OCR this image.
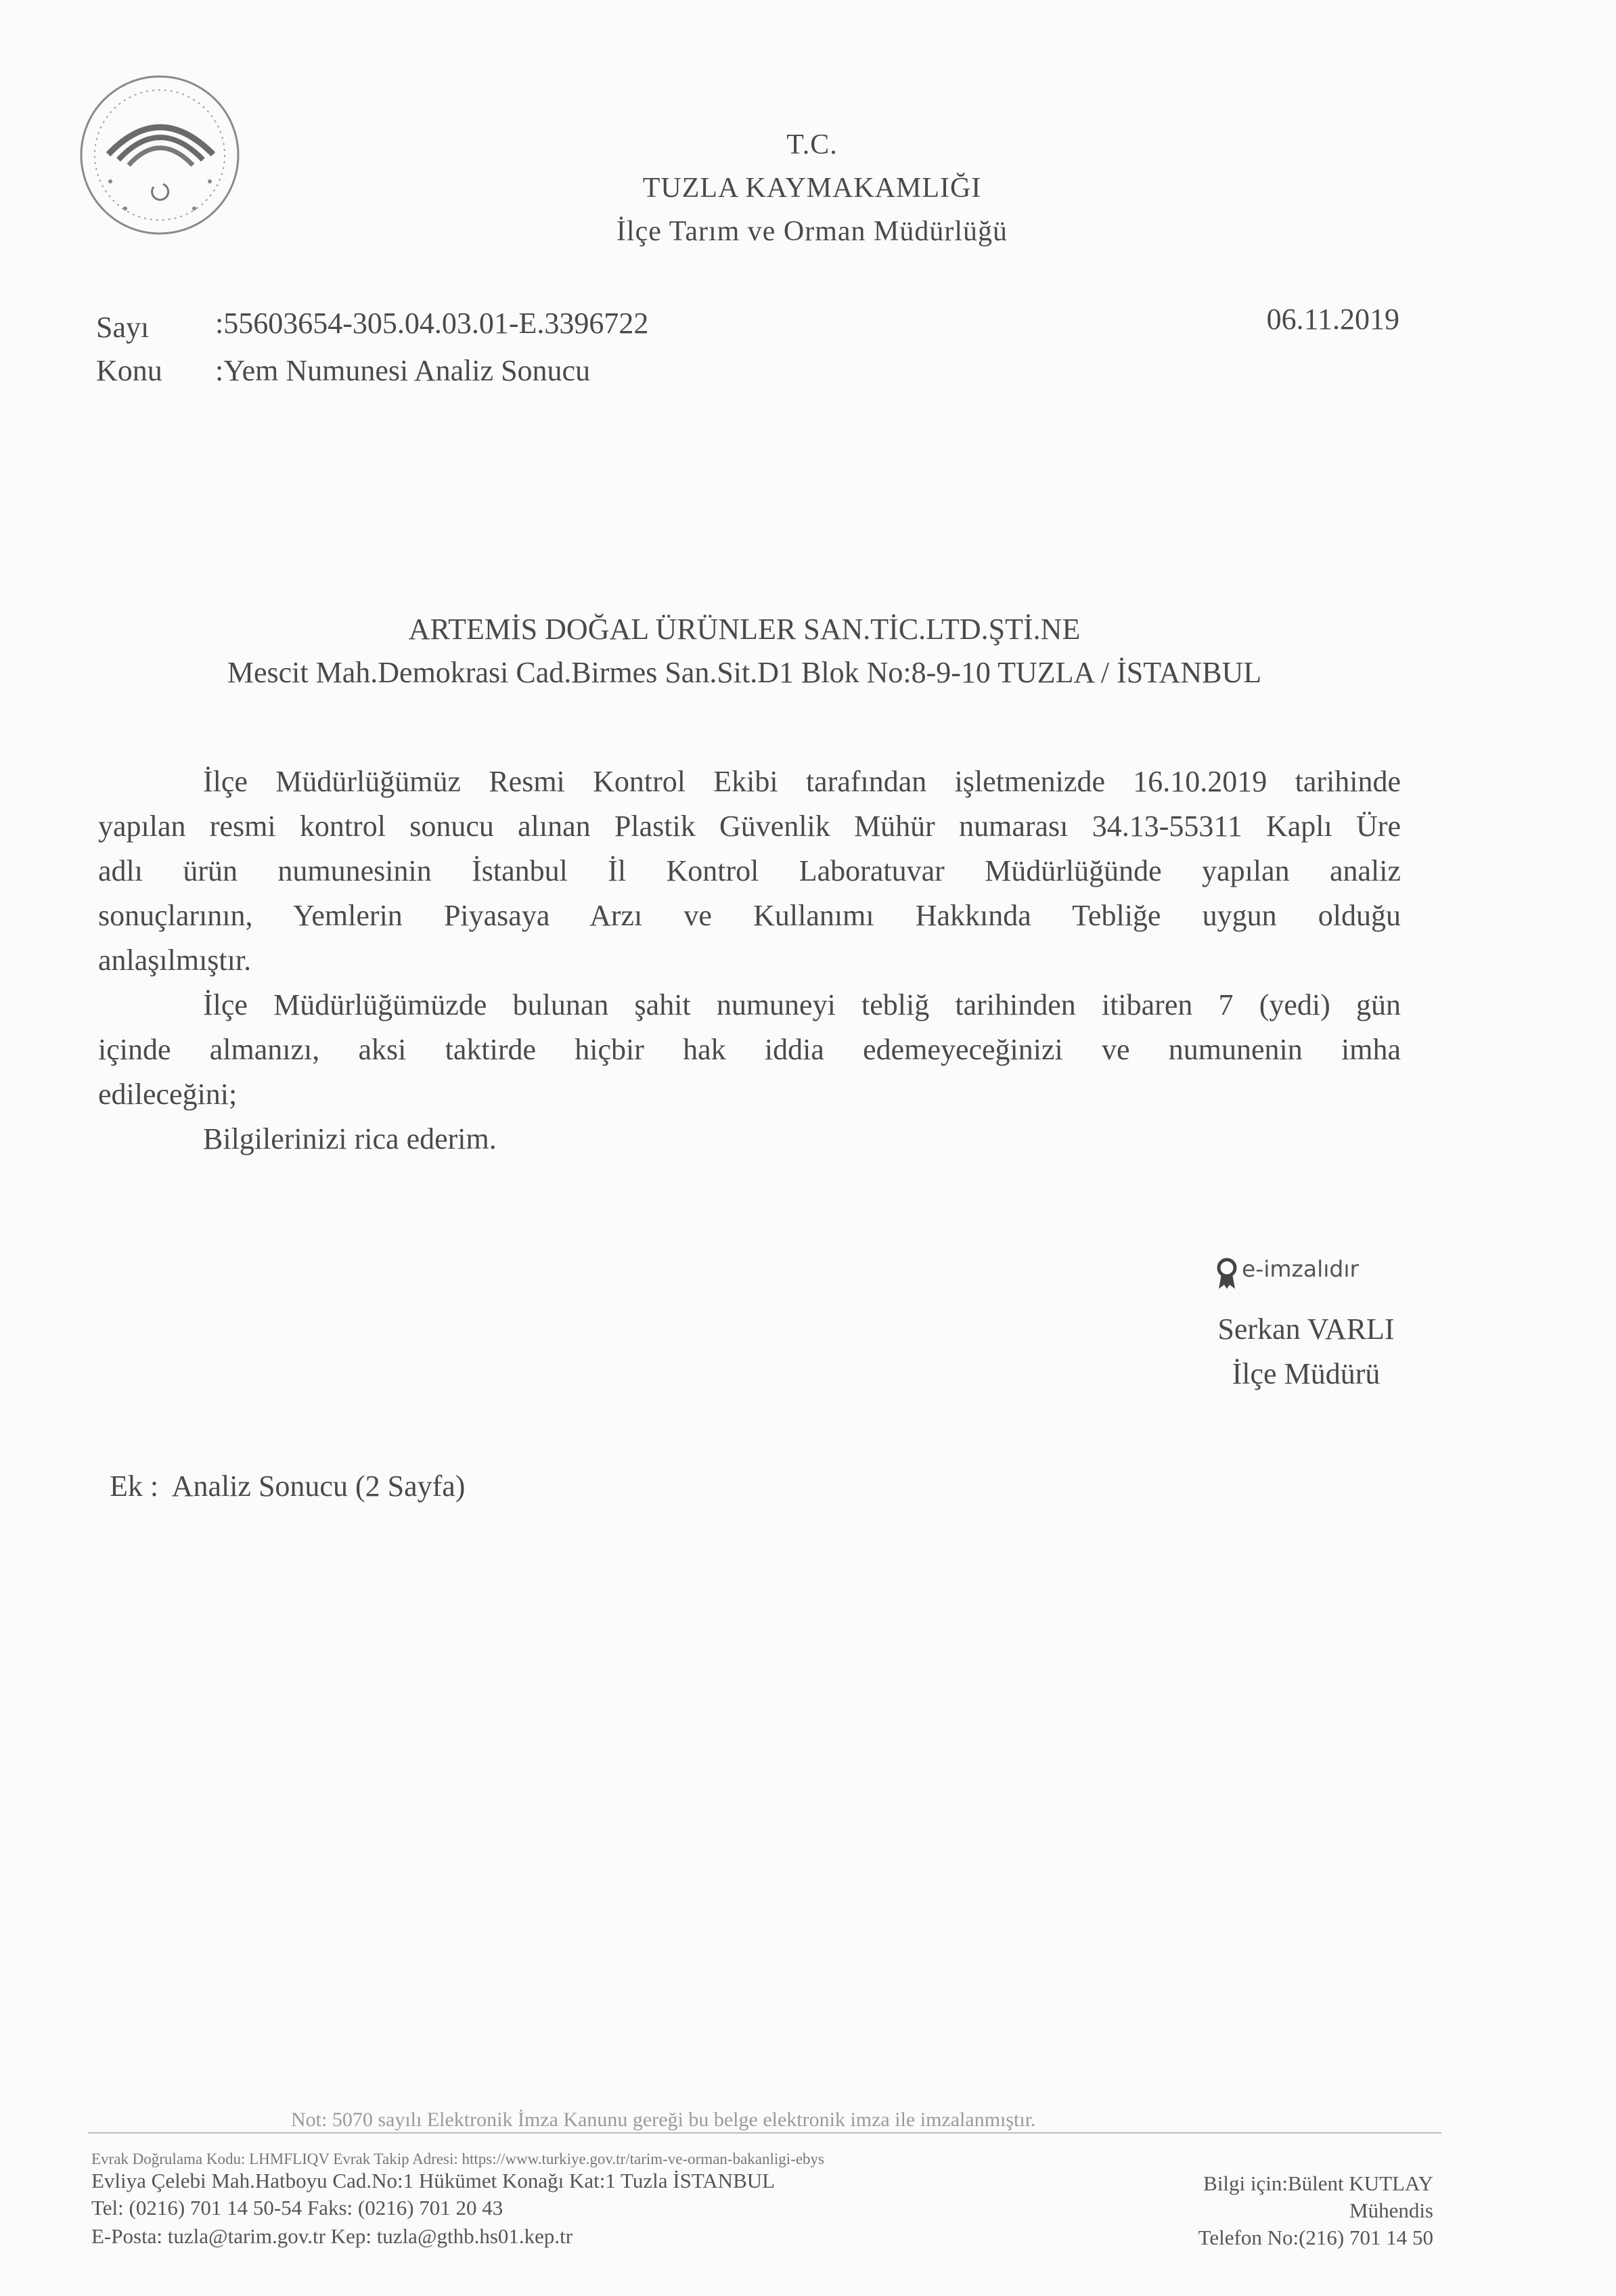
T.C.
TUZLA KAYMAKAMLIĞI
İlçe Tarım ve Orman Müdürlüğü
Sayı :55603654-305.04.03.01-E.3396722
Konu :Yem Numunesi Analiz Sonucu
06.11.2019
ARTEMİS DOĞAL ÜRÜNLER SAN.TİC.LTD.ŞTİ.NE
Mescit Mah.Demokrasi Cad.Birmes San.Sit.D1 Blok No:8-9-10 TUZLA / İSTANBUL
İlçe Müdürlüğümüz Resmi Kontrol Ekibi tarafından işletmenizde 16.10.2019 tarihinde
yapılan resmi kontrol sonucu alınan Plastik Güvenlik Mühür numarası 34.13-55311 Kaplı Üre
adlı ürün numunesinin İstanbul İl Kontrol Laboratuvar Müdürlüğünde yapılan analiz
sonuçlarının, Yemlerin Piyasaya Arzı ve Kullanımı Hakkında Tebliğe uygun olduğu
anlaşılmıştır.
İlçe Müdürlüğümüzde bulunan şahit numuneyi tebliğ tarihinden itibaren 7 (yedi) gün
içinde almanızı, aksi taktirde hiçbir hak iddia edemeyeceğinizi ve numunenin imha
edileceğini;
Bilgilerinizi rica ederim.
e-imzalıdır
Serkan VARLI
İlçe Müdürü
Ek :  Analiz Sonucu (2 Sayfa)
Not: 5070 sayılı Elektronik İmza Kanunu gereği bu belge elektronik imza ile imzalanmıştır.
Evrak Doğrulama Kodu: LHMFLIQV Evrak Takip Adresi: https://www.turkiye.gov.tr/tarim-ve-orman-bakanligi-ebys
Evliya Çelebi Mah.Hatboyu Cad.No:1 Hükümet Konağı Kat:1 Tuzla İSTANBUL
Tel: (0216) 701 14 50-54 Faks: (0216) 701 20 43
E-Posta: tuzla@tarim.gov.tr Kep: tuzla@gthb.hs01.kep.tr
Bilgi için:Bülent KUTLAY
Mühendis
Telefon No:(216) 701 14 50
